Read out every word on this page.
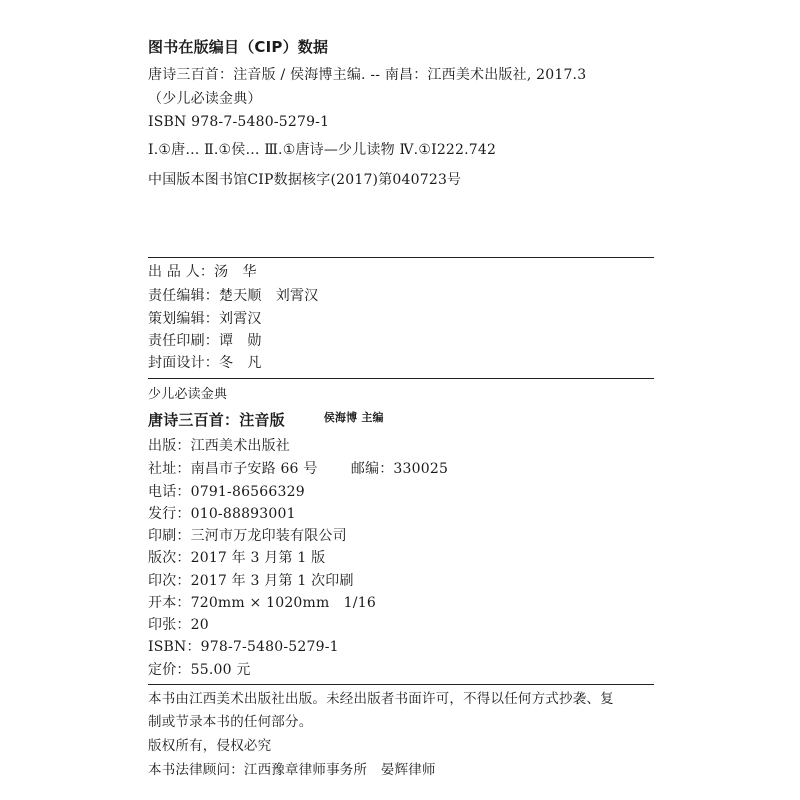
图书在版编目（CIP）数据
唐诗三百首：注音版 / 侯海博主编. -- 南昌：江西美术出版社, 2017.3
（少儿必读金典）
ISBN 978-7-5480-5279-1
Ⅰ.①唐… Ⅱ.①侯… Ⅲ.①唐诗—少儿读物 Ⅳ.①I222.742
中国版本图书馆CIP数据核字(2017)第040723号
出 品 人：汤　华
责任编辑：楚天顺　刘霄汉
策划编辑：刘霄汉
责任印刷：谭　勋
封面设计：冬　凡
少儿必读金典
唐诗三百首：注音版	$^{侯海博 主编}$
出版：江西美术出版社
社址：南昌市子安路 66 号 邮编：330025
电话：0791-86566329
发行：010-88893001
印刷：三河市万龙印装有限公司
版次：2017 年 3 月第 1 版
印次：2017 年 3 月第 1 次印刷
开本：720mm × 1020mm　1/16
印张：20
ISBN：978-7-5480-5279-1
定价：55.00 元
本书由江西美术出版社出版。未经出版者书面许可，不得以任何方式抄袭、复
制或节录本书的任何部分。
版权所有，侵权必究
本书法律顾问：江西豫章律师事务所　晏辉律师
